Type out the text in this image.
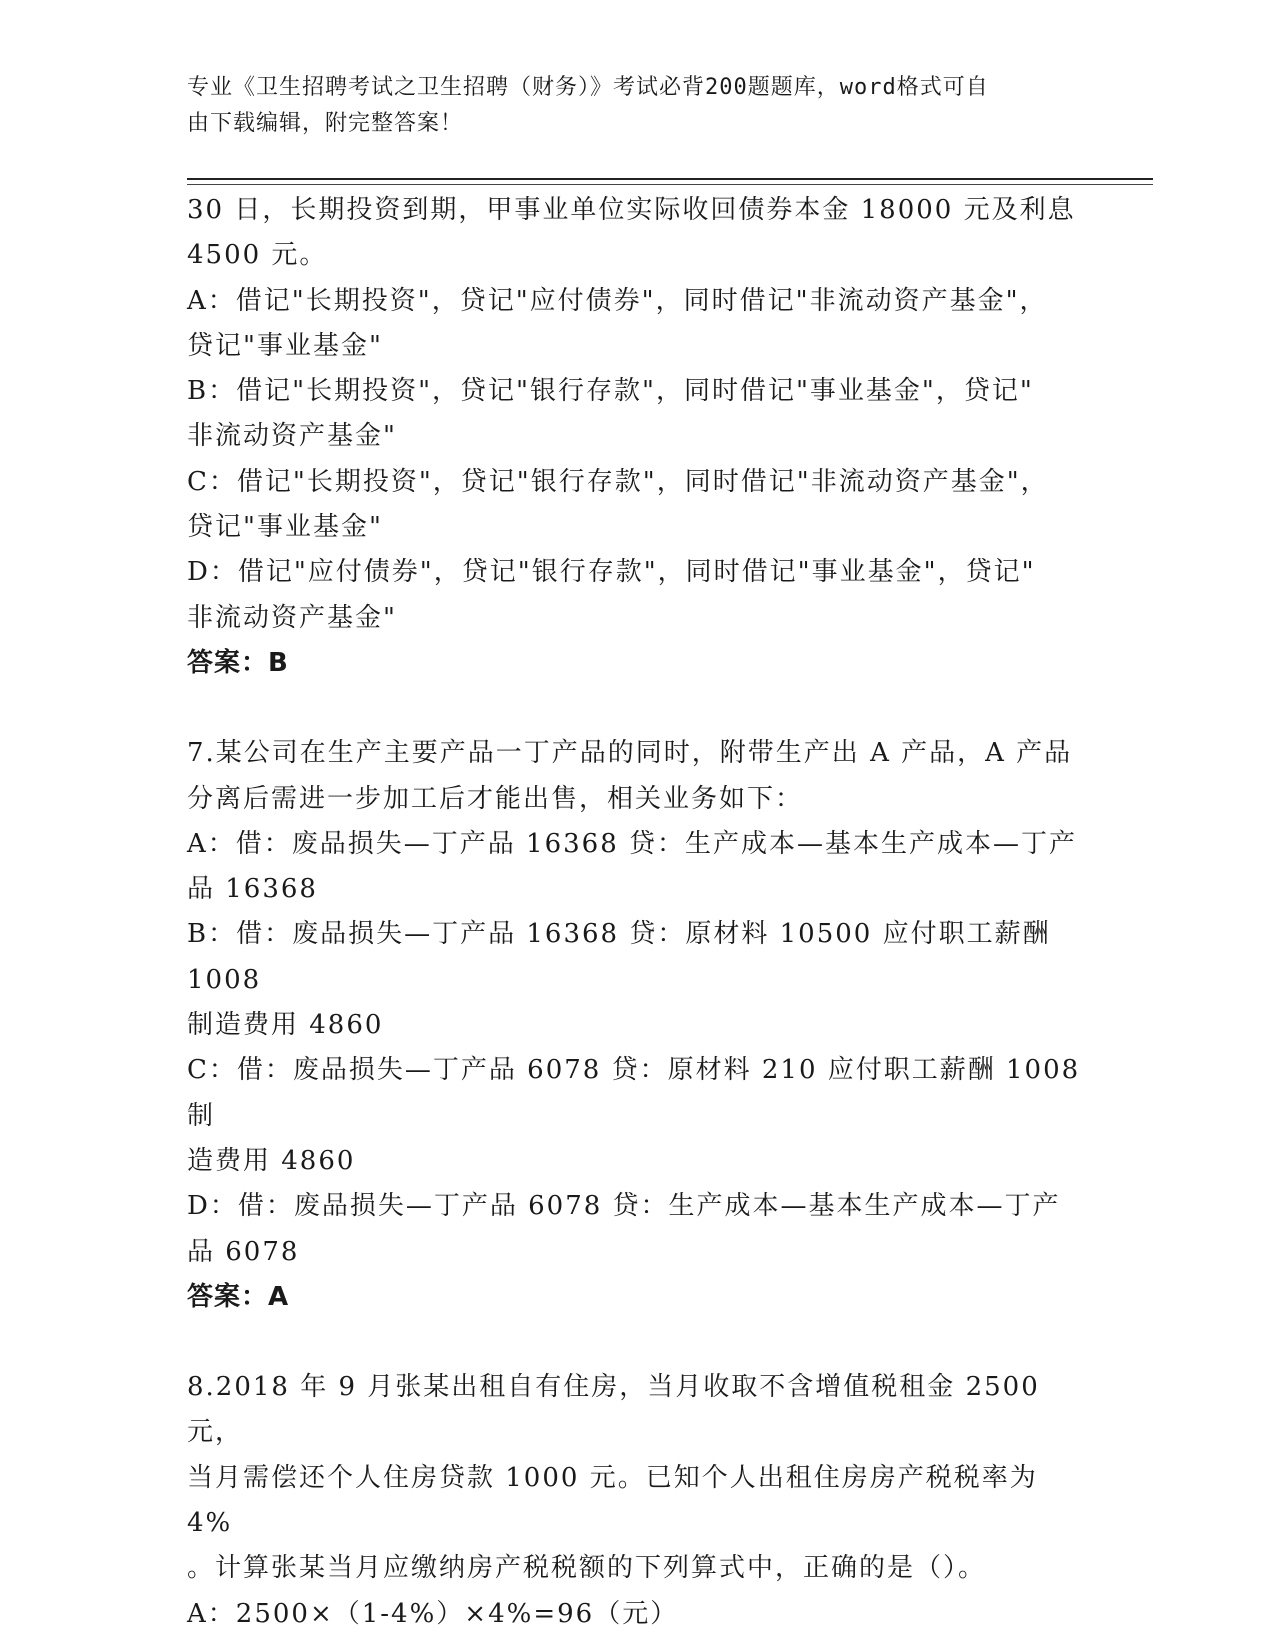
专业《卫生招聘考试之卫生招聘（财务）》考试必背200题题库，word格式可自
由下载编辑，附完整答案！

30 日，长期投资到期，甲事业单位实际收回债券本金 18000 元及利息

4500 元。

A：借记"长期投资"，贷记"应付债券"，同时借记"非流动资产基金"，

贷记"事业基金"

B：借记"长期投资"，贷记"银行存款"，同时借记"事业基金"，贷记"

非流动资产基金"

C：借记"长期投资"，贷记"银行存款"，同时借记"非流动资产基金"，

贷记"事业基金"

D：借记"应付债券"，贷记"银行存款"，同时借记"事业基金"，贷记"

非流动资产基金"

答案：B

7.某公司在生产主要产品一丁产品的同时，附带生产出 A 产品，A 产品

分离后需进一步加工后才能出售，相关业务如下：

A：借：废品损失—丁产品 16368 贷：生产成本—基本生产成本—丁产

品 16368

B：借：废品损失—丁产品 16368 贷：原材料 10500 应付职工薪酬 1008

制造费用 4860

C：借：废品损失—丁产品 6078 贷：原材料 210 应付职工薪酬 1008 制

造费用 4860

D：借：废品损失—丁产品 6078 贷：生产成本—基本生产成本—丁产

品 6078

答案：A

8.2018 年 9 月张某出租自有住房，当月收取不含增值税租金 2500 元，

当月需偿还个人住房贷款 1000 元。已知个人出租住房房产税税率为 4%

。计算张某当月应缴纳房产税税额的下列算式中，正确的是（）。

A：2500×（1-4%）×4%=96（元）
